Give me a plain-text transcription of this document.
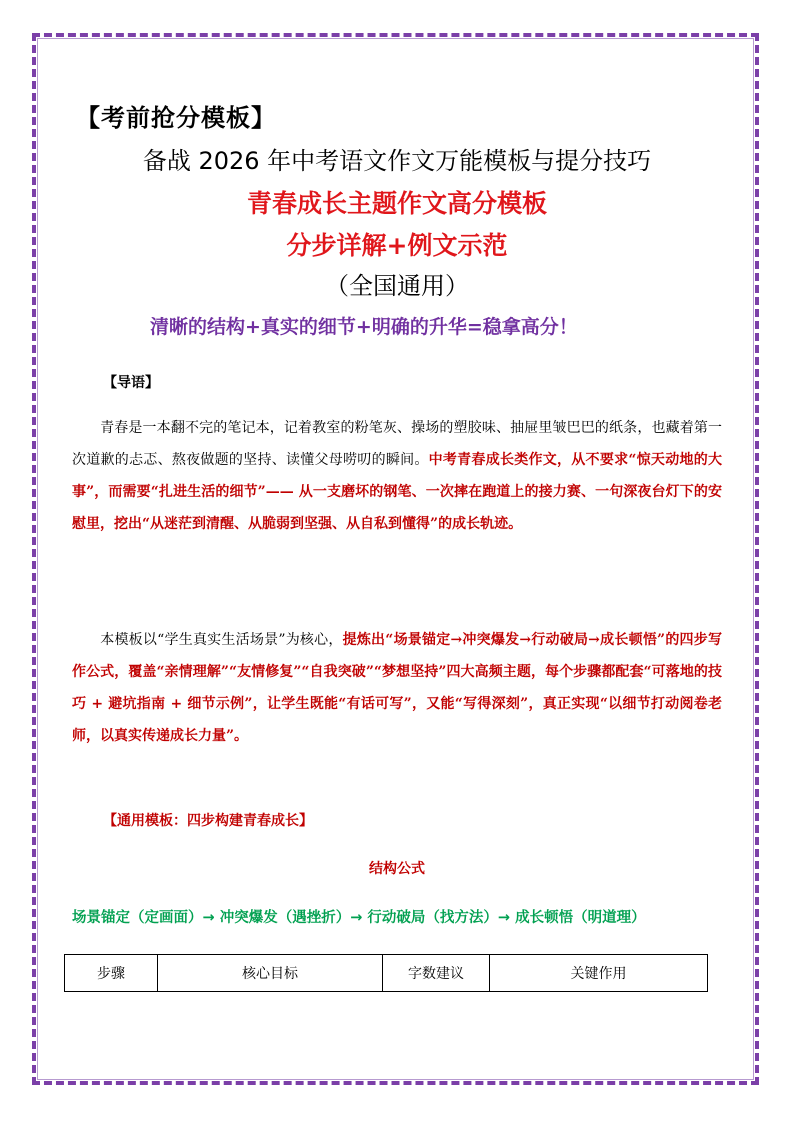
【考前抢分模板】
备战 2026 年中考语文作文万能模板与提分技巧
青春成长主题作文高分模板
分步详解+例文示范
（全国通用）
清晰的结构+真实的细节+明确的升华=稳拿高分！
【导语】
青春是一本翻不完的笔记本，记着教室的粉笔灰、操场的塑胶味、抽屉里皱巴巴的纸条，也藏着第一次道歉的忐忑、熬夜做题的坚持、读懂父母唠叨的瞬间。中考青春成长类作文，从不要求“惊天动地的大事”，而需要“扎进生活的细节”—— 从一支磨坏的钢笔、一次摔在跑道上的接力赛、一句深夜台灯下的安慰里，挖出“从迷茫到清醒、从脆弱到坚强、从自私到懂得”的成长轨迹。
本模板以“学生真实生活场景”为核心，提炼出“场景锚定→冲突爆发→行动破局→成长顿悟”的四步写作公式，覆盖“亲情理解”“友情修复”“自我突破”“梦想坚持”四大高频主题，每个步骤都配套“可落地的技巧 + 避坑指南 + 细节示例”，让学生既能“有话可写”，又能“写得深刻”，真正实现“以细节打动阅卷老师，以真实传递成长力量”。
【通用模板：四步构建青春成长】
结构公式
场景锚定（定画面）→ 冲突爆发（遇挫折）→ 行动破局（找方法）→ 成长顿悟（明道理）
步骤	核心目标	字数建议	关键作用
